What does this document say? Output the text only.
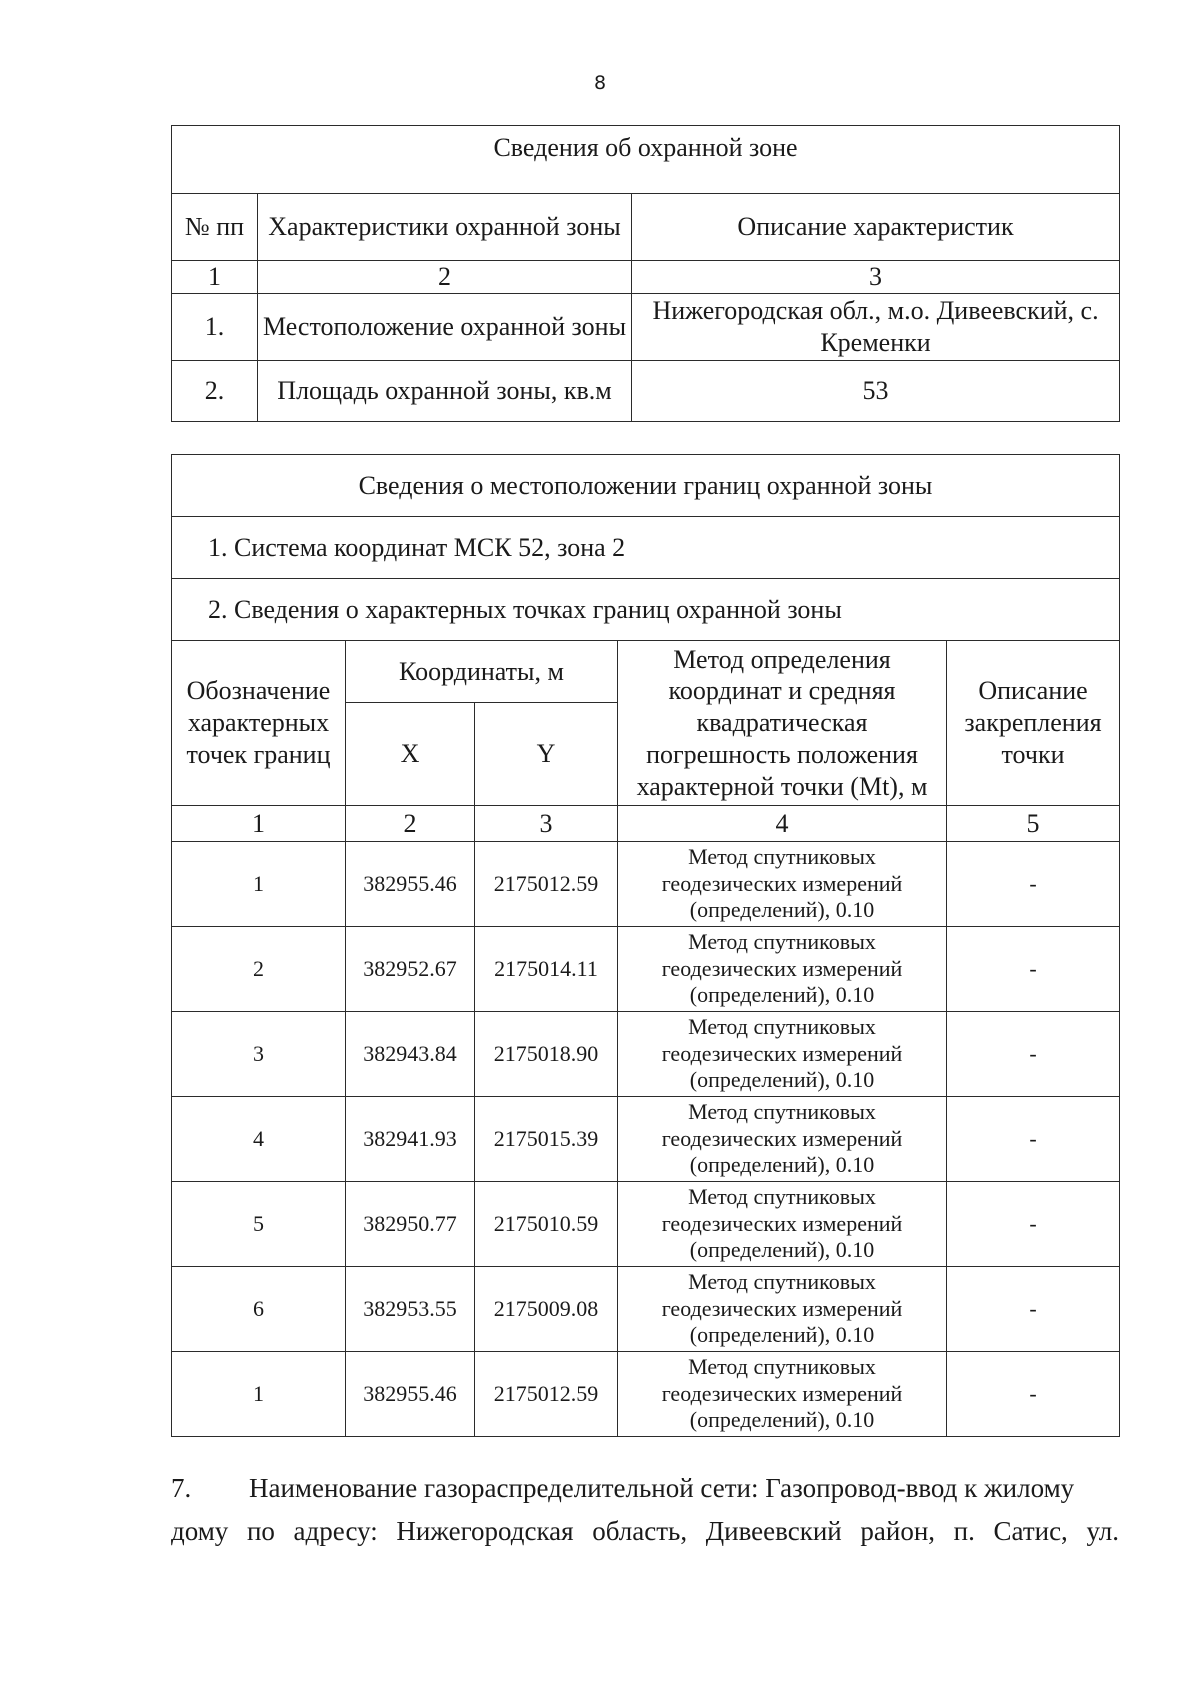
8
Сведения об охранной зоне		
№ пп	Характеристики охранной зоны	Описание характеристик
1	2	3
1.	Местоположение охранной зоны	Нижегородская обл., м.о. Дивеевский, с. Кременки
2.	Площадь охранной зоны, кв.м	53
Сведения о местоположении границ охранной зоны				
1. Система координат МСК 52, зона 2				
2. Сведения о характерных точках границ охранной зоны				
Обозначение характерных точек границ	Координаты, м		Метод определения координат и средняя квадратическая погрешность положения характерной точки (Mt), м	Описание закрепления точки
	X	Y		
1	2	3	4	5
1	382955.46	2175012.59	Метод спутниковых геодезических измерений (определений), 0.10	-
2	382952.67	2175014.11	Метод спутниковых геодезических измерений (определений), 0.10	-
3	382943.84	2175018.90	Метод спутниковых геодезических измерений (определений), 0.10	-
4	382941.93	2175015.39	Метод спутниковых геодезических измерений (определений), 0.10	-
5	382950.77	2175010.59	Метод спутниковых геодезических измерений (определений), 0.10	-
6	382953.55	2175009.08	Метод спутниковых геодезических измерений (определений), 0.10	-
1	382955.46	2175012.59	Метод спутниковых геодезических измерений (определений), 0.10	-
7. Наименование газораспределительной сети: Газопровод-ввод к жилому
дому по адресу: Нижегородская область, Дивеевский район, п. Сатис, ул.
